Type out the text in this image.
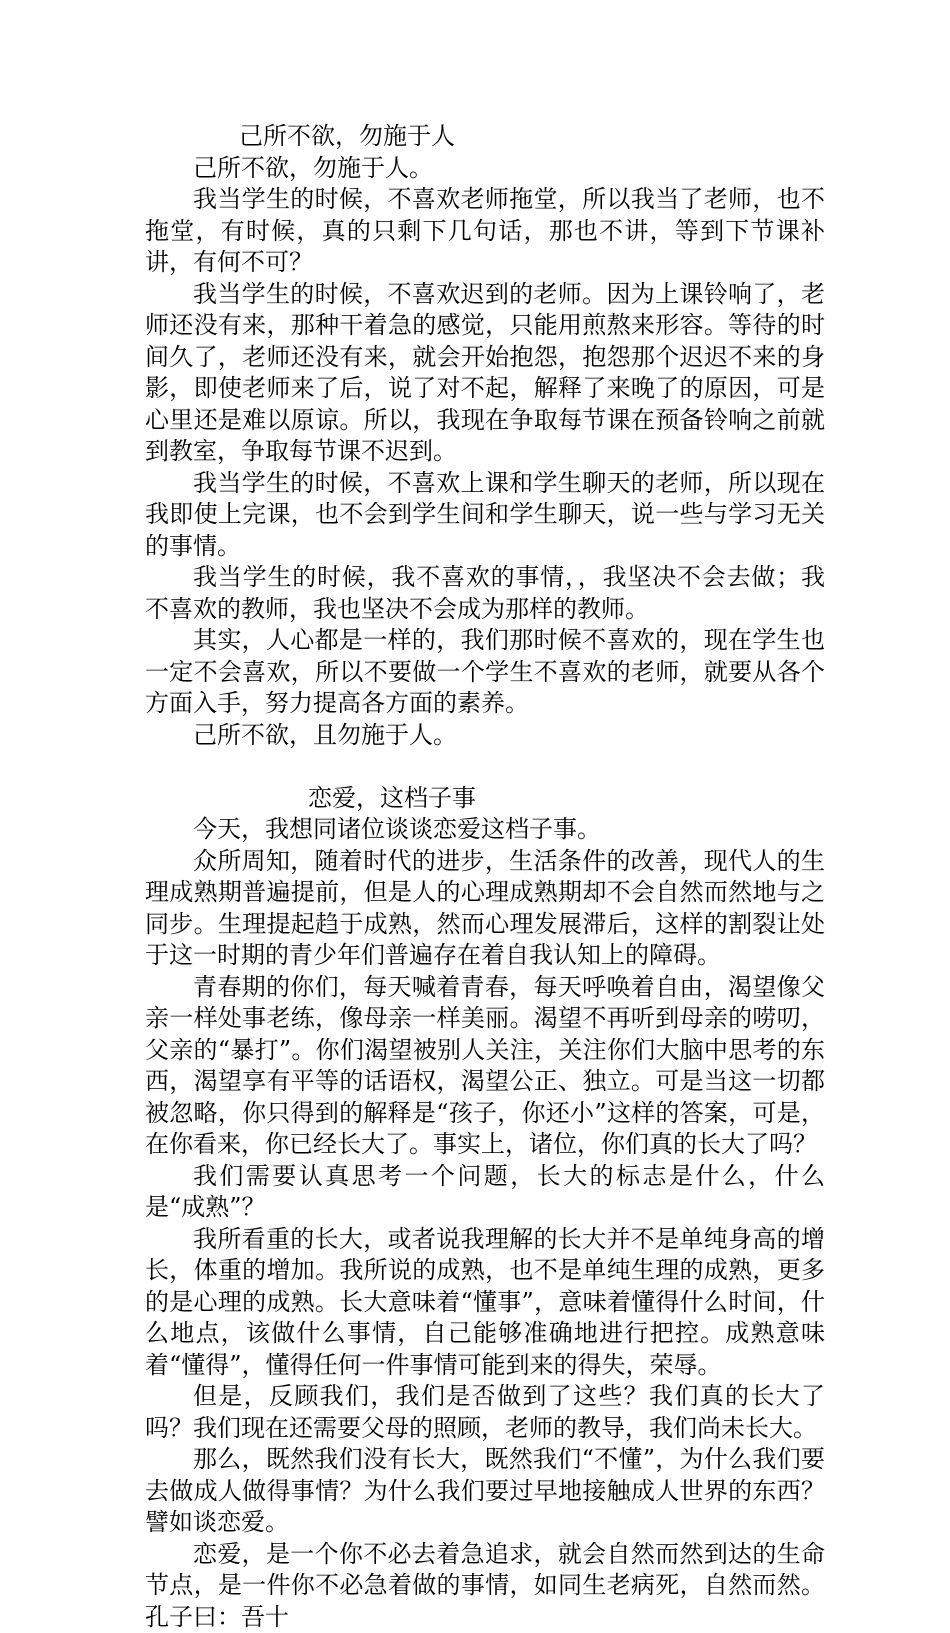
己所不欲，勿施于人

己所不欲，勿施于人。

我当学生的时候，不喜欢老师拖堂，所以我当了老师，也不拖堂，有时候，真的只剩下几句话，那也不讲，等到下节课补讲，有何不可？

我当学生的时候，不喜欢迟到的老师。因为上课铃响了，老师还没有来，那种干着急的感觉，只能用煎熬来形容。等待的时间久了，老师还没有来，就会开始抱怨，抱怨那个迟迟不来的身影，即使老师来了后，说了对不起，解释了来晚了的原因，可是心里还是难以原谅。所以，我现在争取每节课在预备铃响之前就到教室，争取每节课不迟到。

我当学生的时候，不喜欢上课和学生聊天的老师，所以现在我即使上完课，也不会到学生间和学生聊天，说一些与学习无关的事情。

我当学生的时候，我不喜欢的事情，，我坚决不会去做；我不喜欢的教师，我也坚决不会成为那样的教师。

其实，人心都是一样的，我们那时候不喜欢的，现在学生也一定不会喜欢，所以不要做一个学生不喜欢的老师，就要从各个方面入手，努力提高各方面的素养。

己所不欲，且勿施于人。

恋爱，这档子事

今天，我想同诸位谈谈恋爱这档子事。

众所周知，随着时代的进步，生活条件的改善，现代人的生理成熟期普遍提前，但是人的心理成熟期却不会自然而然地与之同步。生理提起趋于成熟，然而心理发展滞后，这样的割裂让处于这一时期的青少年们普遍存在着自我认知上的障碍。

青春期的你们，每天喊着青春，每天呼唤着自由，渴望像父亲一样处事老练，像母亲一样美丽。渴望不再听到母亲的唠叨，父亲的“暴打”。你们渴望被别人关注，关注你们大脑中思考的东西，渴望享有平等的话语权，渴望公正、独立。可是当这一切都被忽略，你只得到的解释是“孩子，你还小”这样的答案，可是，在你看来，你已经长大了。事实上，诸位，你们真的长大了吗？

我们需要认真思考一个问题，长大的标志是什么，什么是“成熟”？

我所看重的长大，或者说我理解的长大并不是单纯身高的增长，体重的增加。我所说的成熟，也不是单纯生理的成熟，更多的是心理的成熟。长大意味着“懂事”，意味着懂得什么时间，什么地点，该做什么事情，自己能够准确地进行把控。成熟意味着“懂得”，懂得任何一件事情可能到来的得失，荣辱。

但是，反顾我们，我们是否做到了这些？我们真的长大了吗？我们现在还需要父母的照顾，老师的教导，我们尚未长大。

那么，既然我们没有长大，既然我们“不懂”，为什么我们要去做成人做得事情？为什么我们要过早地接触成人世界的东西？譬如谈恋爱。

恋爱，是一个你不必去着急追求，就会自然而然到达的生命节点，是一件你不必急着做的事情，如同生老病死，自然而然。孔子曰：吾十
